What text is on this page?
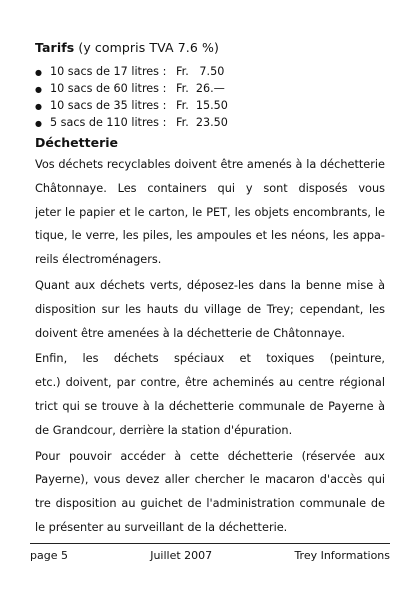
Tarifs (y compris TVA 7.6 %)
● 10 sacs de 17 litres : Fr.   7.50
● 10 sacs de 60 litres : Fr.  26.—
● 10 sacs de 35 litres : Fr.  15.50
● 5 sacs de 110 litres : Fr.  23.50
Déchetterie
Vos déchets recyclables doivent être amenés à la déchetterie
Châtonnaye. Les containers qui y sont disposés vous
jeter le papier et le carton, le PET, les objets encombrants, le
tique, le verre, les piles, les ampoules et les néons, les appa-
reils électroménagers.
Quant aux déchets verts, déposez-les dans la benne mise à
disposition sur les hauts du village de Trey; cependant, les
doivent être amenées à la déchetterie de Châtonnaye.
Enfin, les déchets spéciaux et toxiques (peinture,
etc.) doivent, par contre, être acheminés au centre régional
trict qui se trouve à la déchetterie communale de Payerne à
de Grandcour, derrière la station d'épuration.
Pour pouvoir accéder à cette déchetterie (réservée aux
Payerne), vous devez aller chercher le macaron d'accès qui
tre disposition au guichet de l'administration communale de
le présenter au surveillant de la déchetterie.
page 5	Juillet 2007	Trey Informations
